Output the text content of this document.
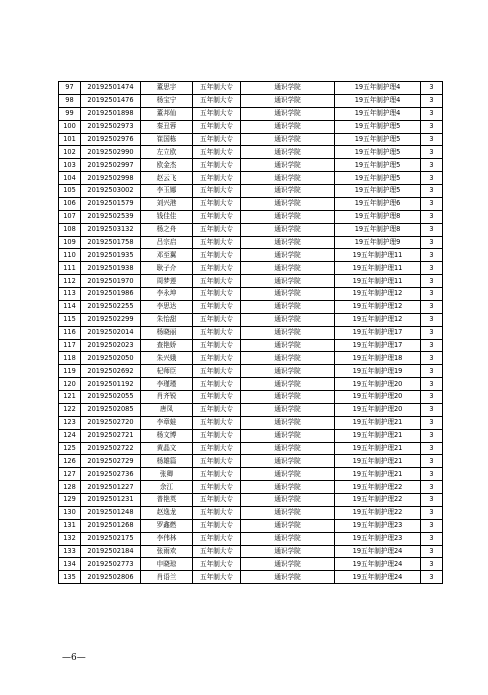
97	20192501474	董思宇	五年制大专	通识学院	19五年制护理4	3
98	20192501476	杨宝宁	五年制大专	通识学院	19五年制护理4	3
99	20192501898	董邦仙	五年制大专	通识学院	19五年制护理4	3
100	20192502973	秦丑蓉	五年制大专	通识学院	19五年制护理5	3
101	20192502976	崔国栋	五年制大专	通识学院	19五年制护理5	3
102	20192502990	左立欧	五年制大专	通识学院	19五年制护理5	3
103	20192502997	欧金杰	五年制大专	通识学院	19五年制护理5	3
104	20192502998	赵云飞	五年制大专	通识学院	19五年制护理5	3
105	20192503002	李玉娜	五年制大专	通识学院	19五年制护理5	3
106	20192501579	刘兴港	五年制大专	通识学院	19五年制护理6	3
107	20192502539	钱佳佳	五年制大专	通识学院	19五年制护理8	3
108	20192503132	杨之舟	五年制大专	通识学院	19五年制护理8	3
109	20192501758	吕宗启	五年制大专	通识学院	19五年制护理9	3
110	20192501935	邓至翼	五年制大专	通识学院	19五年制护理11	3
111	20192501938	耿子介	五年制大专	通识学院	19五年制护理11	3
112	20192501970	周梦莲	五年制大专	通识学院	19五年制护理11	3
113	20192501986	李永坤	五年制大专	通识学院	19五年制护理12	3
114	20192502255	李思达	五年制大专	通识学院	19五年制护理12	3
115	20192502299	朱怡甜	五年制大专	通识学院	19五年制护理12	3
116	20192502014	杨晓丽	五年制大专	通识学院	19五年制护理17	3
117	20192502023	查艳娇	五年制大专	通识学院	19五年制护理17	3
118	20192502050	朱兴娥	五年制大专	通识学院	19五年制护理18	3
119	20192502692	杞师臣	五年制大专	通识学院	19五年制护理19	3
120	20192501192	李瑾瑾	五年制大专	通识学院	19五年制护理20	3
121	20192502055	肖齐锐	五年制大专	通识学院	19五年制护理20	3
122	20192502085	唐凤	五年制大专	通识学院	19五年制护理20	3
123	20192502720	李章蛙	五年制大专	通识学院	19五年制护理21	3
124	20192502721	杨文博	五年制大专	通识学院	19五年制护理21	3
125	20192502722	黄晶文	五年制大专	通识学院	19五年制护理21	3
126	20192502729	杨雄篇	五年制大专	通识学院	19五年制护理21	3
127	20192502736	张卿	五年制大专	通识学院	19五年制护理21	3
128	20192501227	余江	五年制大专	通识学院	19五年制护理22	3
129	20192501231	普艳英	五年制大专	通识学院	19五年制护理22	3
130	20192501248	赵逸龙	五年制大专	通识学院	19五年制护理22	3
131	20192501268	罗鑫燃	五年制大专	通识学院	19五年制护理23	3
132	20192502175	李伟林	五年制大专	通识学院	19五年制护理23	3
133	20192502184	张雨欢	五年制大专	通识学院	19五年制护理24	3
134	20192502773	申晓琼	五年制大专	通识学院	19五年制护理24	3
135	20192502806	肖语兰	五年制大专	通识学院	19五年制护理24	3
—6—
